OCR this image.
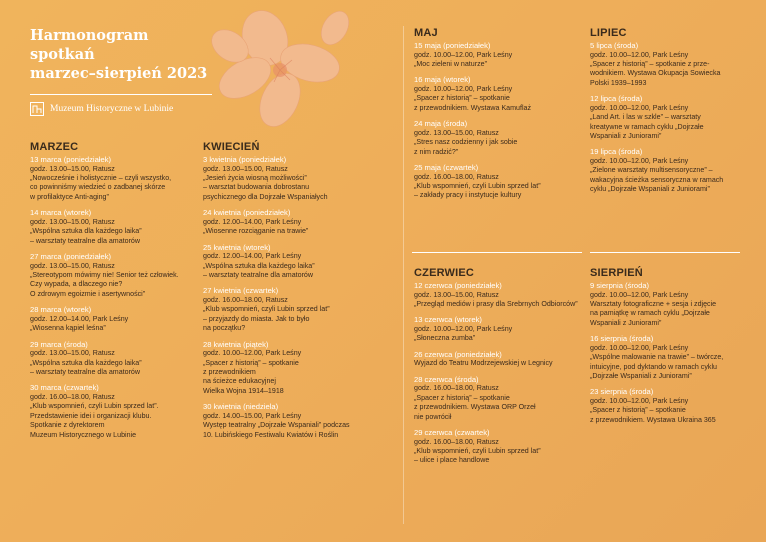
Harmonogram
spotkań
marzec–sierpień 2023
Muzeum Historyczne w Lubinie
MARZEC
13 marca (poniedziałek)
godz. 13.00–15.00, Ratusz
„Nowocześnie i holistycznie – czyli wszystko,
co powinniśmy wiedzieć o zadbanej skórze
w profilaktyce Anti-aging”
14 marca (wtorek)
godz. 13.00–15.00, Ratusz
„Wspólna sztuka dla każdego laika”
– warsztaty teatralne dla amatorów
27 marca (poniedziałek)
godz. 13.00–15.00, Ratusz
„Stereotypom mówimy nie! Senior też człowiek.
Czy wypada, a dlaczego nie?
O zdrowym egoizmie i asertywności”
28 marca (wtorek)
godz. 12.00–14.00, Park Leśny
„Wiosenna kąpiel leśna”
29 marca (środa)
godz. 13.00–15.00, Ratusz
„Wspólna sztuka dla każdego laika”
– warsztaty teatralne dla amatorów
30 marca (czwartek)
godz. 16.00–18.00, Ratusz
„Klub wspomnień, czyli Lubin sprzed lat”.
Przedstawienie idei i organizacji klubu.
Spotkanie z dyrektorem
Muzeum Historycznego w Lubinie
KWIECIEŃ
3 kwietnia (poniedziałek)
godz. 13.00–15.00, Ratusz
„Jesień życia wiosną możliwości”
– warsztat budowania dobrostanu
psychicznego dla Dojrzałe Wspaniałych
24 kwietnia (poniedziałek)
godz. 12.00–14.00, Park Leśny
„Wiosenne rozciąganie na trawie”
25 kwietnia (wtorek)
godz. 12.00–14.00, Park Leśny
„Wspólna sztuka dla każdego laika”
– warsztaty teatralne dla amatorów
27 kwietnia (czwartek)
godz. 16.00–18.00, Ratusz
„Klub wspomnień, czyli Lubin sprzed lat”
– przyjazdy do miasta. Jak to było
na początku?
28 kwietnia (piątek)
godz. 10.00–12.00, Park Leśny
„Spacer z historią” – spotkanie
z przewodnikiem
na ścieżce edukacyjnej
Wielka Wojna 1914–1918
30 kwietnia (niedziela)
godz. 14.00–15.00, Park Leśny
Występ teatralny „Dojrzałe Wspaniali” podczas
10. Lubińskiego Festiwalu Kwiatów i Roślin
MAJ
15 maja (poniedziałek)
godz. 10.00–12.00, Park Leśny
„Moc zieleni w naturze”
16 maja (wtorek)
godz. 10.00–12.00, Park Leśny
„Spacer z historią” – spotkanie
z przewodnikiem. Wystawa Kamuflaż
24 maja (środa)
godz. 13.00–15.00, Ratusz
„Stres nasz codzienny i jak sobie
z nim radzić?”
25 maja (czwartek)
godz. 16.00–18.00, Ratusz
„Klub wspomnień, czyli Lubin sprzed lat”
– zakłady pracy i instytucje kultury
LIPIEC
5 lipca (środa)
godz. 10.00–12.00, Park Leśny
„Spacer z historią” – spotkanie z prze-
wodnikiem. Wystawa Okupacja Sowiecka
Polski 1939–1993
12 lipca (środa)
godz. 10.00–12.00, Park Leśny
„Land Art. i las w szkle” – warsztaty
kreatywne w ramach cyklu „Dojrzałe
Wspaniali z Juniorami”
19 lipca (środa)
godz. 10.00–12.00, Park Leśny
„Zielone warsztaty multisensoryczne” –
wakacyjna ścieżka sensoryczna w ramach
cyklu „Dojrzałe Wspaniali z Juniorami”
CZERWIEC
12 czerwca (poniedziałek)
godz. 13.00–15.00, Ratusz
„Przegląd mediów i prasy dla Srebrnych Odbiorców”
13 czerwca (wtorek)
godz. 10.00–12.00, Park Leśny
„Słoneczna zumba”
26 czerwca (poniedziałek)
Wyjazd do Teatru Modrzejewskiej w Legnicy
28 czerwca (środa)
godz. 16.00–18.00, Ratusz
„Spacer z historią” – spotkanie
z przewodnikiem. Wystawa ORP Orzeł
nie powrócił
29 czerwca (czwartek)
godz. 16.00–18.00, Ratusz
„Klub wspomnień, czyli Lubin sprzed lat”
– ulice i place handlowe
SIERPIEŃ
9 sierpnia (środa)
godz. 10.00–12.00, Park Leśny
Warsztaty fotograficzne + sesja i zdjęcie
na pamiątkę w ramach cyklu „Dojrzałe
Wspaniali z Juniorami”
16 sierpnia (środa)
godz. 10.00–12.00, Park Leśny
„Wspólne malowanie na trawie” – twórcze,
intuicyjne, pod dyktando w ramach cyklu
„Dojrzałe Wspaniali z Juniorami”
23 sierpnia (środa)
godz. 10.00–12.00, Park Leśny
„Spacer z historią” – spotkanie
z przewodnikiem. Wystawa Ukraina 365
